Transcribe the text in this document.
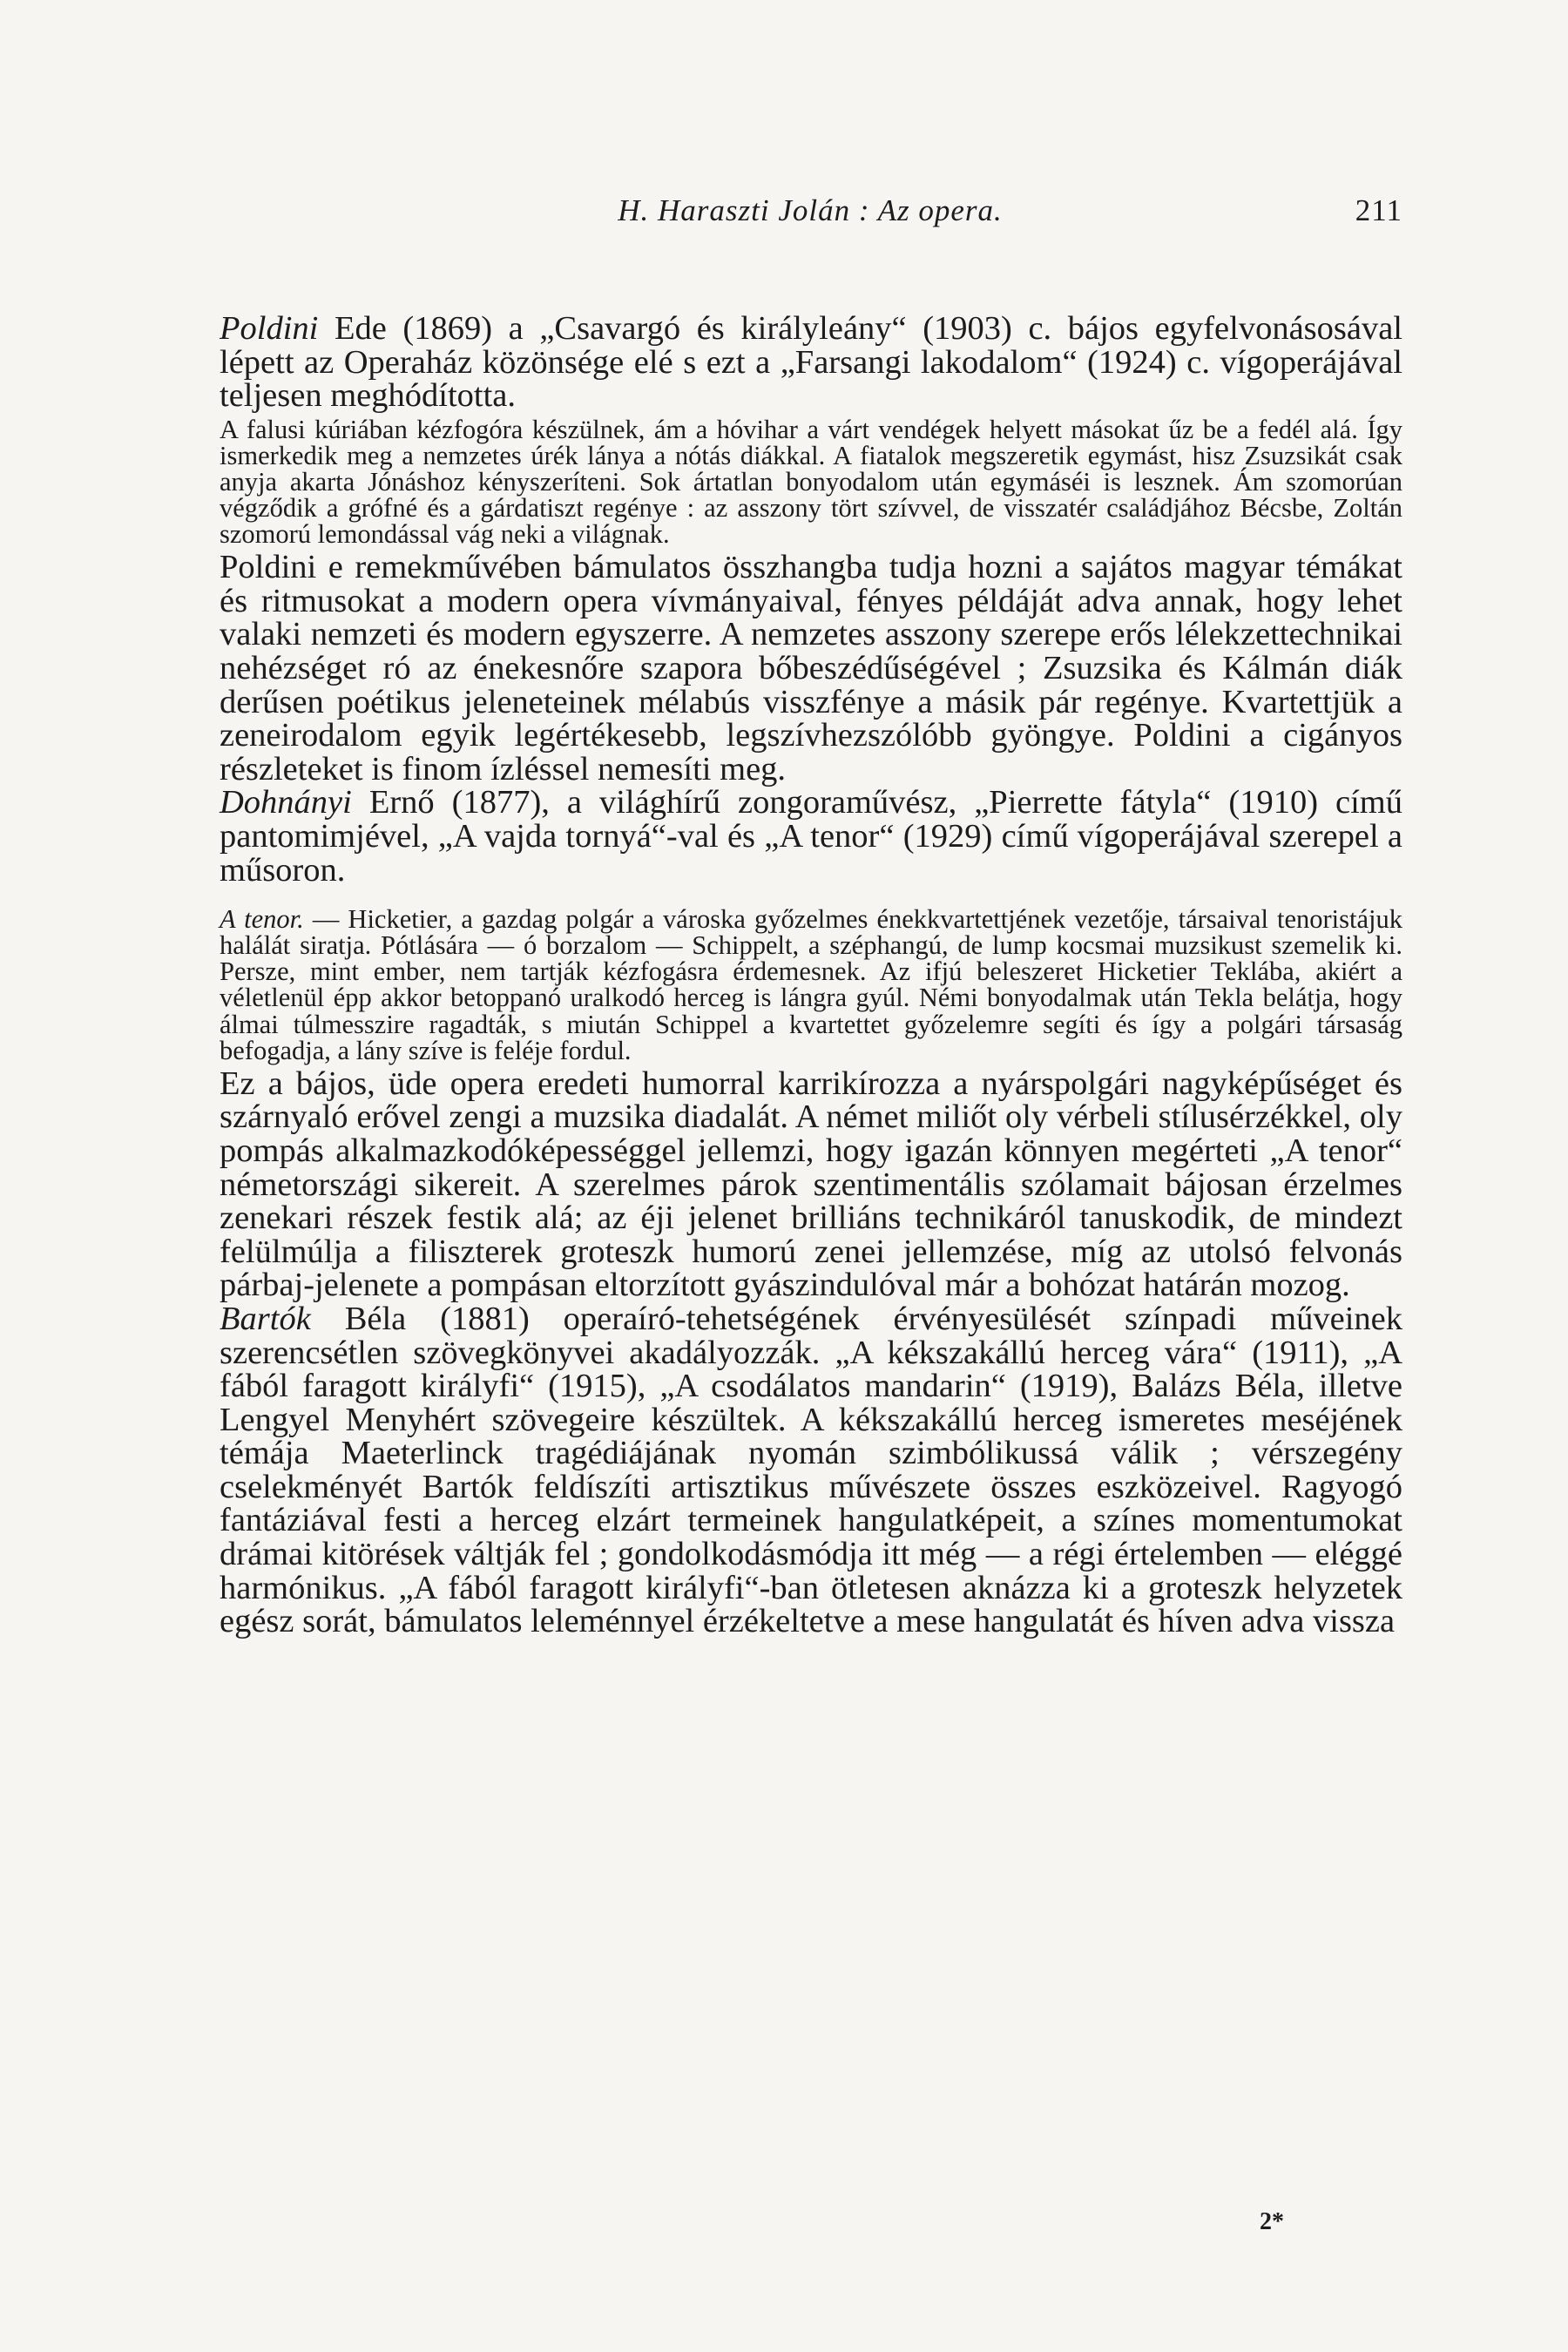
H. Haraszti Jolán : Az opera.	211

Poldini Ede (1869) a „Csavargó és királyleány“ (1903) c. bájos egyfelvonásosával lépett az Operaház közönsége elé s ezt a „Farsangi lakodalom“ (1924) c. vígoperájával teljesen meghódította.

A falusi kúriában kézfogóra készülnek, ám a hóvihar a várt vendégek helyett másokat űz be a fedél alá. Így ismerkedik meg a nemzetes úrék lánya a nótás diákkal. A fiatalok megszeretik egymást, hisz Zsuzsikát csak anyja akarta Jónáshoz kényszeríteni. Sok ártatlan bonyodalom után egymáséi is lesznek. Ám szomorúan végződik a grófné és a gárdatiszt regénye : az asszony tört szívvel, de visszatér családjához Bécsbe, Zoltán szomorú lemondással vág neki a világnak.

Poldini e remekművében bámulatos összhangba tudja hozni a sajátos magyar témákat és ritmusokat a modern opera vívmányaival, fényes példáját adva annak, hogy lehet valaki nemzeti és modern egyszerre. A nemzetes asszony szerepe erős lélekzettechnikai nehézséget ró az énekesnőre szapora bőbeszédűségével ; Zsuzsika és Kálmán diák derűsen poétikus jeleneteinek mélabús visszfénye a másik pár regénye. Kvartettjük a zeneirodalom egyik legértékesebb, legszívhezszólóbb gyöngye. Poldini a cigányos részleteket is finom ízléssel nemesíti meg.

Dohnányi Ernő (1877), a világhírű zongoraművész, „Pierrette fátyla“ (1910) című pantomimjével, „A vajda tornyá“-val és „A tenor“ (1929) című vígoperájával szerepel a műsoron.

A tenor. — Hicketier, a gazdag polgár a városka győzelmes énekkvartettjének vezetője, társaival tenoristájuk halálát siratja. Pótlására — ó borzalom — Schippelt, a széphangú, de lump kocsmai muzsikust szemelik ki. Persze, mint ember, nem tartják kézfogásra érdemesnek. Az ifjú beleszeret Hicketier Teklába, akiért a véletlenül épp akkor betoppanó uralkodó herceg is lángra gyúl. Némi bonyodalmak után Tekla belátja, hogy álmai túlmesszire ragadták, s miután Schippel a kvartettet győzelemre segíti és így a polgári társaság befogadja, a lány szíve is feléje fordul.

Ez a bájos, üde opera eredeti humorral karrikírozza a nyárspolgári nagyképűséget és szárnyaló erővel zengi a muzsika diadalát. A német miliőt oly vérbeli stílusérzékkel, oly pompás alkalmazkodóképességgel jellemzi, hogy igazán könnyen megérteti „A tenor“ németországi sikereit. A szerelmes párok szentimentális szólamait bájosan érzelmes zenekari részek festik alá; az éji jelenet brilliáns technikáról tanuskodik, de mindezt felülmúlja a filiszterek groteszk humorú zenei jellemzése, míg az utolsó felvonás párbaj-jelenete a pompásan eltorzított gyászindulóval már a bohózat határán mozog.

Bartók Béla (1881) operaíró-tehetségének érvényesülését színpadi műveinek szerencsétlen szövegkönyvei akadályozzák. „A kékszakállú herceg vára“ (1911), „A fából faragott királyfi“ (1915), „A csodálatos mandarin“ (1919), Balázs Béla, illetve Lengyel Menyhért szövegeire készültek. A kékszakállú herceg ismeretes meséjének témája Maeterlinck tragédiájának nyomán szimbólikussá válik ; vérszegény cselekményét Bartók feldíszíti artisztikus művészete összes eszközeivel. Ragyogó fantáziával festi a herceg elzárt termeinek hangulatképeit, a színes momentumokat drámai kitörések váltják fel ; gondolkodásmódja itt még — a régi értelemben — eléggé harmónikus. „A fából faragott királyfi“-ban ötletesen aknázza ki a groteszk helyzetek egész sorát, bámulatos leleménnyel érzékeltetve a mese hangulatát és híven adva vissza

2*
